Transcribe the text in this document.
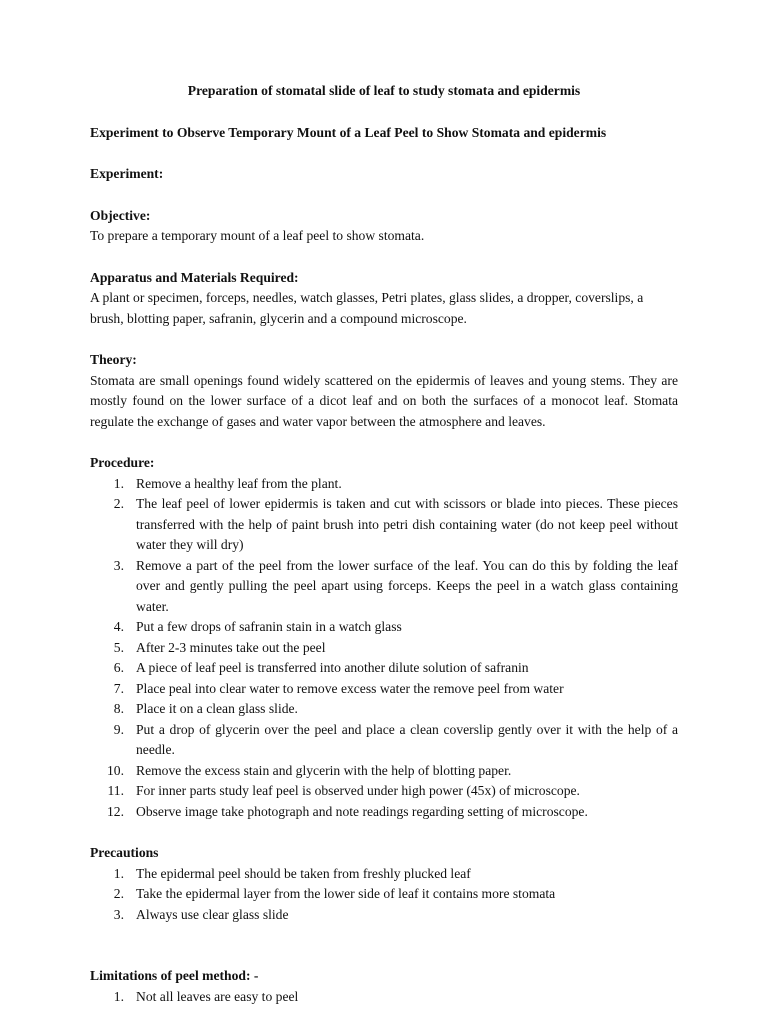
Preparation of stomatal slide of leaf to study stomata and epidermis

Experiment to Observe Temporary Mount of a Leaf Peel to Show Stomata and epidermis

Experiment:
Objective:

To prepare a temporary mount of a leaf peel to show stomata.

Apparatus and Materials Required:

A plant or specimen, forceps, needles, watch glasses, Petri plates, glass slides, a dropper, coverslips, a brush, blotting paper, safranin, glycerin and a compound microscope.

Theory:

Stomata are small openings found widely scattered on the epidermis of leaves and young stems. They are mostly found on the lower surface of a dicot leaf and on both the surfaces of a monocot leaf. Stomata regulate the exchange of gases and water vapor between the atmosphere and leaves.

Procedure:
1. Remove a healthy leaf from the plant.
2. The leaf peel of lower epidermis is taken and cut with scissors or blade into pieces. These pieces transferred with the help of paint brush into petri dish containing water (do not keep peel without water they will dry)
3. Remove a part of the peel from the lower surface of the leaf. You can do this by folding the leaf over and gently pulling the peel apart using forceps. Keeps the peel in a watch glass containing water.
4. Put a few drops of safranin stain in a watch glass
5. After 2-3 minutes take out the peel
6. A piece of leaf peel is transferred into another dilute solution of safranin
7. Place peal into clear water to remove excess water the remove peel from water
8. Place it on a clean glass slide.
9. Put a drop of glycerin over the peel and place a clean coverslip gently over it with the help of a needle.
10. Remove the excess stain and glycerin with the help of blotting paper.
11. For inner parts study leaf peel is observed under high power (45x) of microscope.
12. Observe image take photograph and note readings regarding setting of microscope.
Precautions
1. The epidermal peel should be taken from freshly plucked leaf
2. Take the epidermal layer from the lower side of leaf it contains more stomata
3. Always use clear glass slide
Limitations of peel method: -
1. Not all leaves are easy to peel
